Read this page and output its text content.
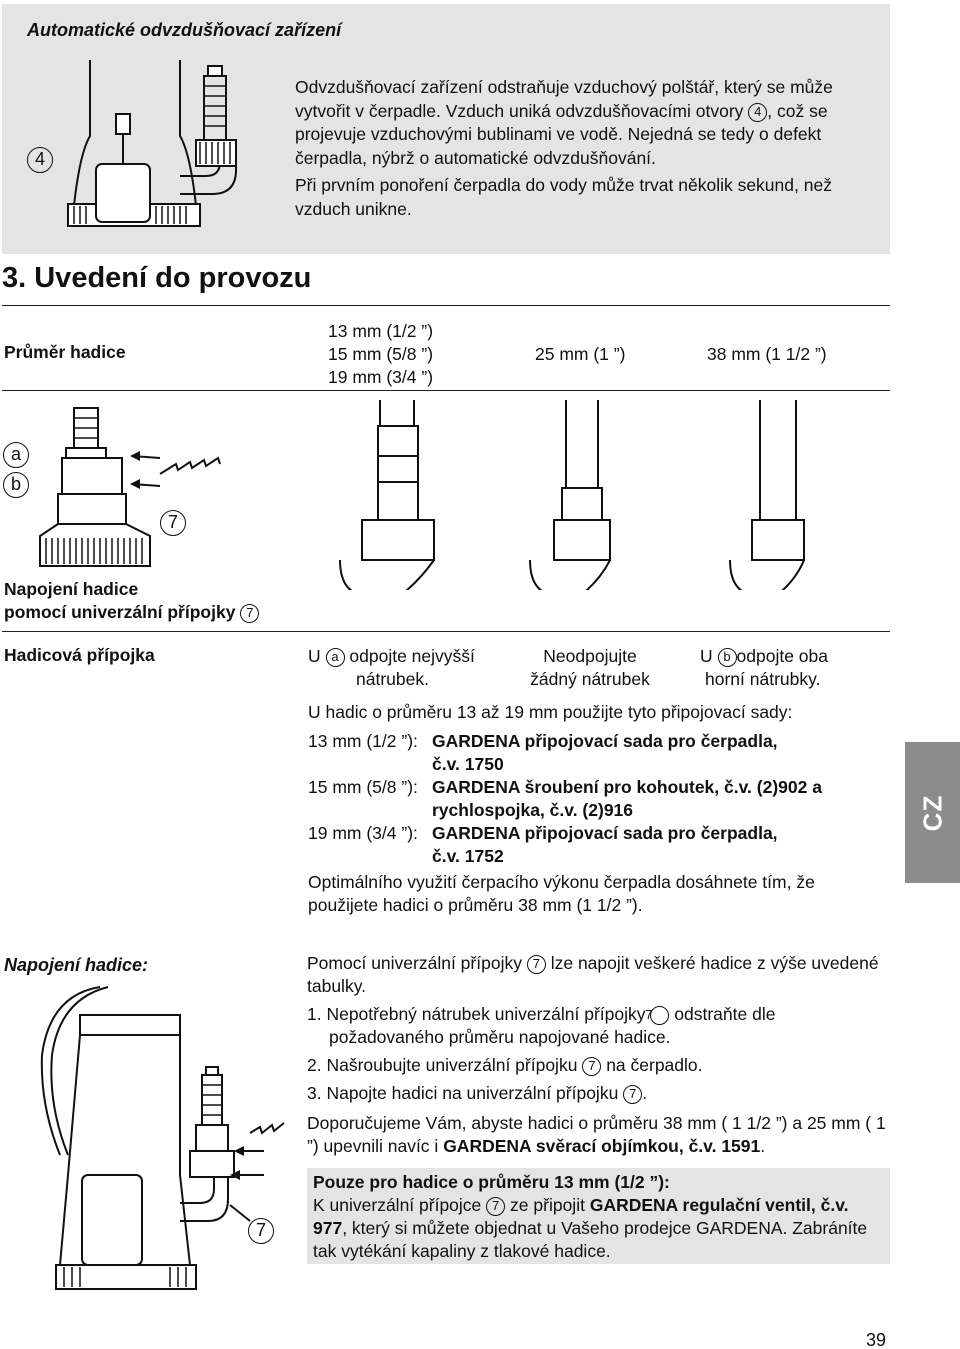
Automatické odvzdušňovací zařízení
4

Odvzdušňovací zařízení odstraňuje vzduchový polštář, který se může vytvořit v čerpadle. Vzduch uniká odvzdušňovacími otvory 4 , což se projevuje vzduchovými bublinami ve vodě. Nejedná se tedy o defekt čerpadla, nýbrž o automatické odvzdušňování.

Při prvním ponoření čerpadla do vody může trvat několik sekund, než vzduch unikne.

3. Uvedení do provozu
Průměr hadice
13 mm (1/2 ”)
15 mm (5/8 ”)
19 mm (3/4 ”)
25 mm (1 ”)	38 mm (1 1/2 ”)
a
b
7
Napojení hadice
pomocí univerzální přípojky 7
Hadicová přípojka	U a odpojte nejvyšší
nátrubek.
Neodpojujte
žádný nátrubek
U b odpojte oba
horní nátrubky.
U hadic o průměru 13 až 19 mm použijte tyto připojovací sady:
13 mm (1/2 ”): GARDENA připojovací sada pro čerpadla,
č.v. 1750
15 mm (5/8 ”): GARDENA šroubení pro kohoutek, č.v. (2)902 a
rychlospojka, č.v. (2)916
19 mm (3/4 ”): GARDENA připojovací sada pro čerpadla,
č.v. 1752
Optimálního využití čerpacího výkonu čerpadla dosáhnete tím, že použijete hadici o průměru 38 mm (1 1/2 ”).
CZ
Napojení hadice:
7
Pomocí univerzální přípojky 7 lze napojit veškeré hadice z výše uvedené tabulky.
1. Nepotřebný nátrubek univerzální přípojky 7 odstraňte dle požadovaného průměru napojované hadice.
2. Našroubujte univerzální přípojku 7 na čerpadlo.
3. Napojte hadici na univerzální přípojku 7 .
Doporučujeme Vám, abyste hadici o průměru 38 mm ( 1 1/2 ”) a 25 mm ( 1 ”) upevnili navíc i GARDENA svěrací objímkou, č.v. 1591.
Pouze pro hadice o průměru 13 mm (1/2 ”):
K univerzální přípojce 7 ze připojit GARDENA regulační ventil, č.v. 977, který si můžete objednat u Vašeho prodejce GARDENA. Zabráníte tak vytékání kapaliny z tlakové hadice.
39
